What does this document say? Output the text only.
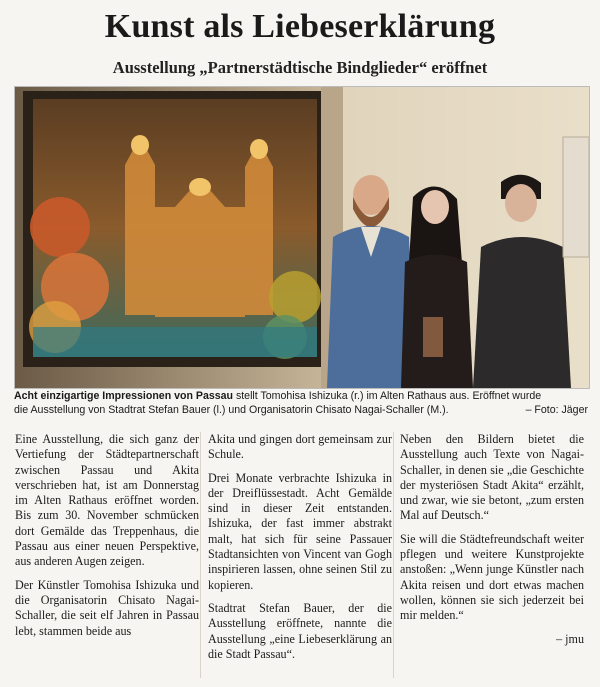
Kunst als Liebeserklärung
Ausstellung „Partnerstädtische Bindglieder“ eröffnet
Acht einzigartige Impressionen von Passau stellt Tomohisa Ishizuka (r.) im Alten Rathaus aus. Eröffnet wurde
die Ausstellung von Stadtrat Stefan Bauer (l.) und Organisatorin Chisato Nagai-Schaller (M.).	– Foto: Jäger

Eine Ausstellung, die sich ganz der Vertiefung der Städtepartnerschaft zwischen Passau und Akita verschrieben hat, ist am Donnerstag im Alten Rathaus eröffnet worden. Bis zum 30. November schmücken dort Gemälde das Treppenhaus, die Passau aus einer neuen Perspektive, aus anderen Augen zeigen.

Der Künstler Tomohisa Ishizuka und die Organisatorin Chisato Nagai-Schaller, die seit elf Jahren in Passau lebt, stammen beide aus

Akita und gingen dort gemeinsam zur Schule.

Drei Monate verbrachte Ishizuka in der Dreiflüssestadt. Acht Gemälde sind in dieser Zeit entstanden. Ishizuka, der fast immer abstrakt malt, hat sich für seine Passauer Stadtansichten von Vincent van Gogh inspirieren lassen, ohne seinen Stil zu kopieren.

Stadtrat Stefan Bauer, der die Ausstellung eröffnete, nannte die Ausstellung „eine Liebeserklärung an die Stadt Passau“.

Neben den Bildern bietet die Ausstellung auch Texte von Nagai-Schaller, in denen sie „die Geschichte der mysteriösen Stadt Akita“ erzählt, und zwar, wie sie betont, „zum ersten Mal auf Deutsch.“

Sie will die Städtefreundschaft weiter pflegen und weitere Kunstprojekte anstoßen: „Wenn junge Künstler nach Akita reisen und dort etwas machen wollen, können sie sich jederzeit bei mir melden.“

– jmu
